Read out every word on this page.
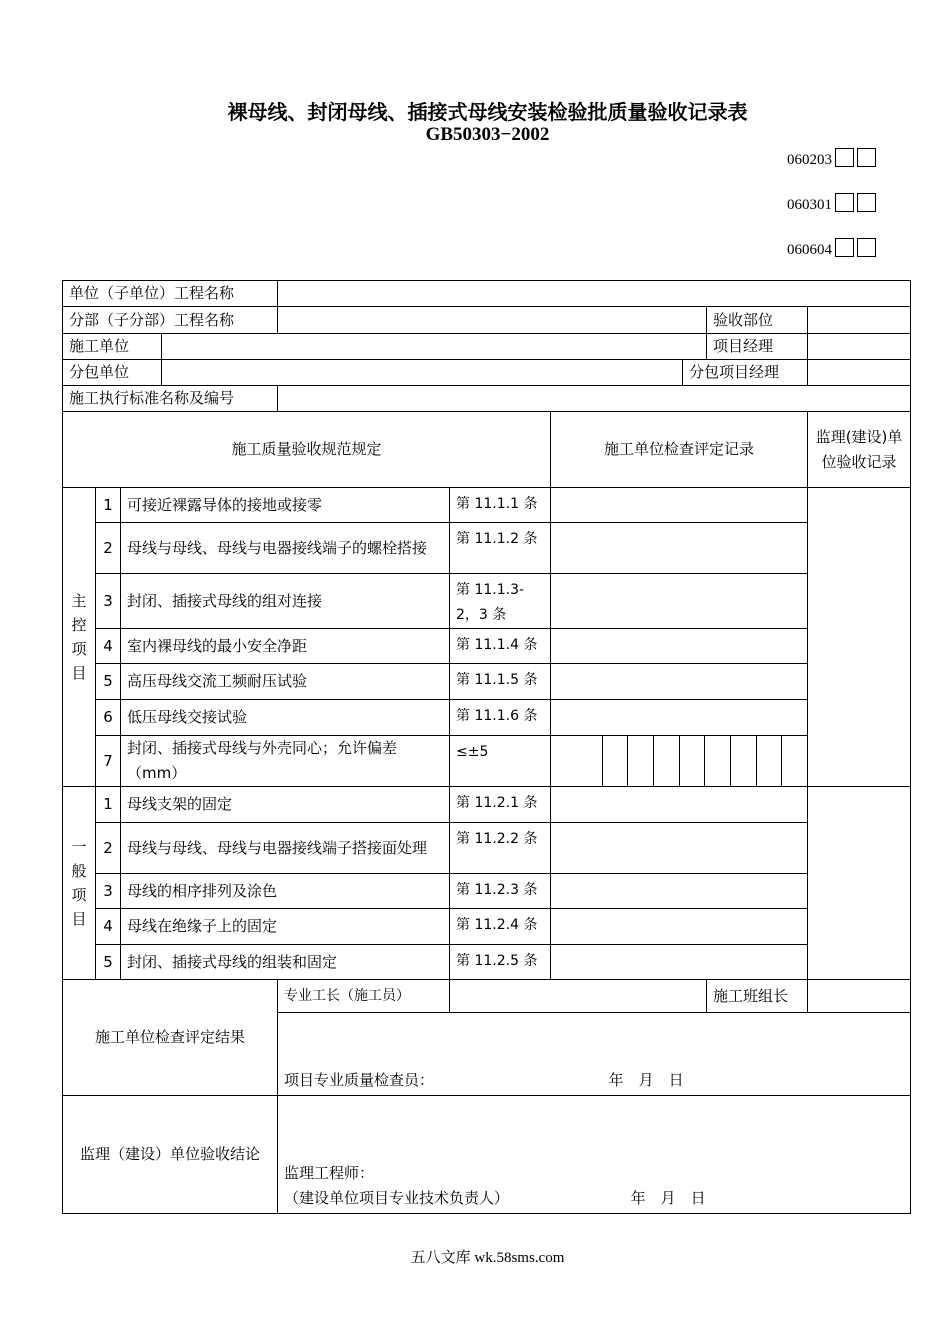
裸母线、封闭母线、插接式母线安装检验批质量验收记录表
GB50303−2002
060203
060301
060604
单位（子单位）工程名称									
分部（子分部）工程名称								验收部位	
施工单位								项目经理	
分包单位							分包项目经理		
施工执行标准名称及编号									
施工质量验收规范规定						施工单位检查评定记录			监理(建设)单位验收记录
主控项目	1	可接近裸露导体的接地或接零			第 11.1.1 条				
	2	母线与母线、母线与电器接线端子的螺栓搭接			第 11.1.2 条				
	3	封闭、插接式母线的组对连接			第 11.1.3-2，3 条				
	4	室内裸母线的最小安全净距			第 11.1.4 条				
	5	高压母线交流工频耐压试验			第 11.1.5 条				
	6	低压母线交接试验			第 11.1.6 条				
	7	封闭、插接式母线与外壳同心；允许偏差（mm）			≤±5				

一般项目	1	母线支架的固定			第 11.2.1 条				
	2	母线与母线、母线与电器接线端子搭接面处理			第 11.2.2 条				
	3	母线的相序排列及涂色			第 11.2.3 条				
	4	母线在绝缘子上的固定			第 11.2.4 条				
	5	封闭、插接式母线的组装和固定			第 11.2.5 条				
施工单位检查评定结果				专业工长（施工员）				施工班组长	
				项目专业质量检查员： 年　月　日					
监理（建设）单位验收结论				监理工程师：
（建设单位项目专业技术负责人） 年　月　日					
五八文库 wk.58sms.com
